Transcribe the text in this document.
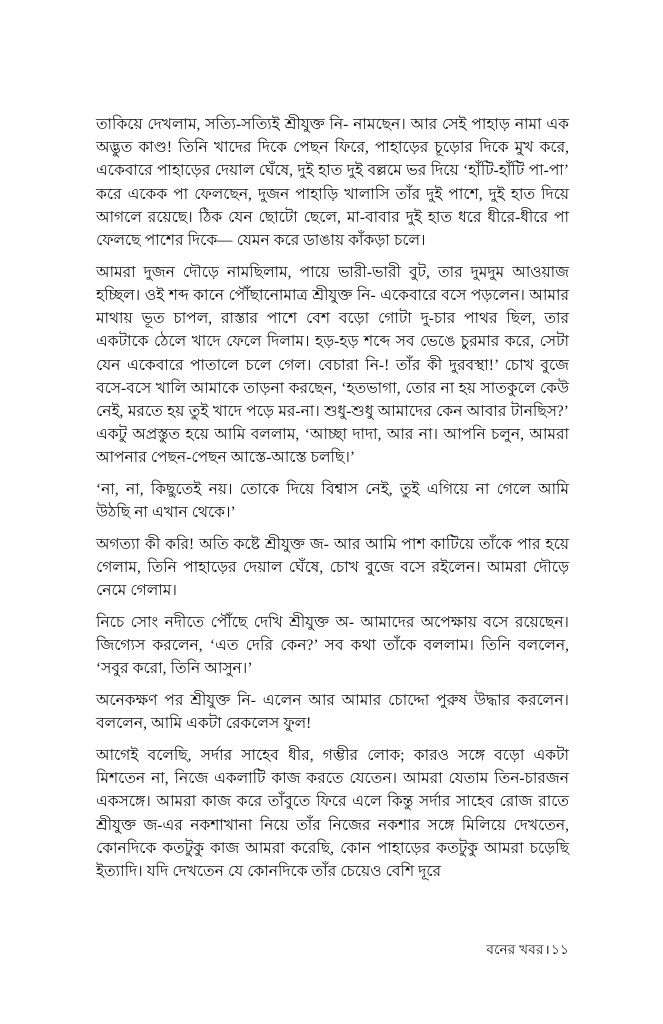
তাকিয়ে দেখলাম, সত্যি-সত্যিই শ্রীযুক্ত নি- নামছেন। আর সেই পাহাড় নামা এক অদ্ভুত কাণ্ড! তিনি খাদের দিকে পেছন ফিরে, পাহাড়ের চূড়োর দিকে মুখ করে, একেবারে পাহাড়ের দেয়াল ঘেঁষে, দুই হাত দুই বল্লমে ভর দিয়ে ‘হাঁটি-হাঁটি পা-পা’ করে একেক পা ফেলছেন, দুজন পাহাড়ি খালাসি তাঁর দুই পাশে, দুই হাত দিয়ে আগলে রয়েছে। ঠিক যেন ছোটো ছেলে, মা-বাবার দুই হাত ধরে ধীরে-ধীরে পা ফেলছে পাশের দিকে— যেমন করে ডাঙায় কাঁকড়া চলে।

আমরা দুজন দৌড়ে নামছিলাম, পায়ে ভারী-ভারী বুট, তার দুমদুম আওয়াজ হচ্ছিল। ওই শব্দ কানে পৌঁছানোমাত্র শ্রীযুক্ত নি- একেবারে বসে পড়লেন। আমার মাথায় ভূত চাপল, রাস্তার পাশে বেশ বড়ো গোটা দু-চার পাথর ছিল, তার একটাকে ঠেলে খাদে ফেলে দিলাম। হড়-হড় শব্দে সব ভেঙে চুরমার করে, সেটা যেন একেবারে পাতালে চলে গেল। বেচারা নি-! তাঁর কী দুরবস্থা!’ চোখ বুজে বসে-বসে খালি আমাকে তাড়না করছেন, ‘হতভাগা, তোর না হয় সাতকুলে কেউ নেই, মরতে হয় তুই খাদে পড়ে মর-না। শুধু-শুধু আমাদের কেন আবার টানছিস?’ একটু অপ্রস্তুত হয়ে আমি বললাম, ‘আচ্ছা দাদা, আর না। আপনি চলুন, আমরা আপনার পেছন-পেছন আস্তে-আস্তে চলছি।’

‘না, না, কিছুতেই নয়। তোকে দিয়ে বিশ্বাস নেই, তুই এগিয়ে না গেলে আমি উঠছি না এখান থেকে।’

অগত্যা কী করি! অতি কষ্টে শ্রীযুক্ত জ- আর আমি পাশ কাটিয়ে তাঁকে পার হয়ে গেলাম, তিনি পাহাড়ের দেয়াল ঘেঁষে, চোখ বুজে বসে রইলেন। আমরা দৌড়ে নেমে গেলাম।

নিচে সোং নদীতে পৌঁছে দেখি শ্রীযুক্ত অ- আমাদের অপেক্ষায় বসে রয়েছেন। জিগ্যেস করলেন, ‘এত দেরি কেন?’ সব কথা তাঁকে বললাম। তিনি বললেন, ‘সবুর করো, তিনি আসুন।’

অনেকক্ষণ পর শ্রীযুক্ত নি- এলেন আর আমার চোদ্দো পুরুষ উদ্ধার করলেন। বললেন, আমি একটা রেকলেস ফুল!

আগেই বলেছি, সর্দার সাহেব ধীর, গম্ভীর লোক; কারও সঙ্গে বড়ো একটা মিশতেন না, নিজে একলাটি কাজ করতে যেতেন। আমরা যেতাম তিন-চারজন একসঙ্গে। আমরা কাজ করে তাঁবুতে ফিরে এলে কিন্তু সর্দার সাহেব রোজ রাতে শ্রীযুক্ত জ-এর নকশাখানা নিয়ে তাঁর নিজের নকশার সঙ্গে মিলিয়ে দেখতেন, কোনদিকে কতটুকু কাজ আমরা করেছি, কোন পাহাড়ের কতটুকু আমরা চড়েছি ইত্যাদি। যদি দেখতেন যে কোনদিকে তাঁর চেয়েও বেশি দূরে

বনের খবর।১১
